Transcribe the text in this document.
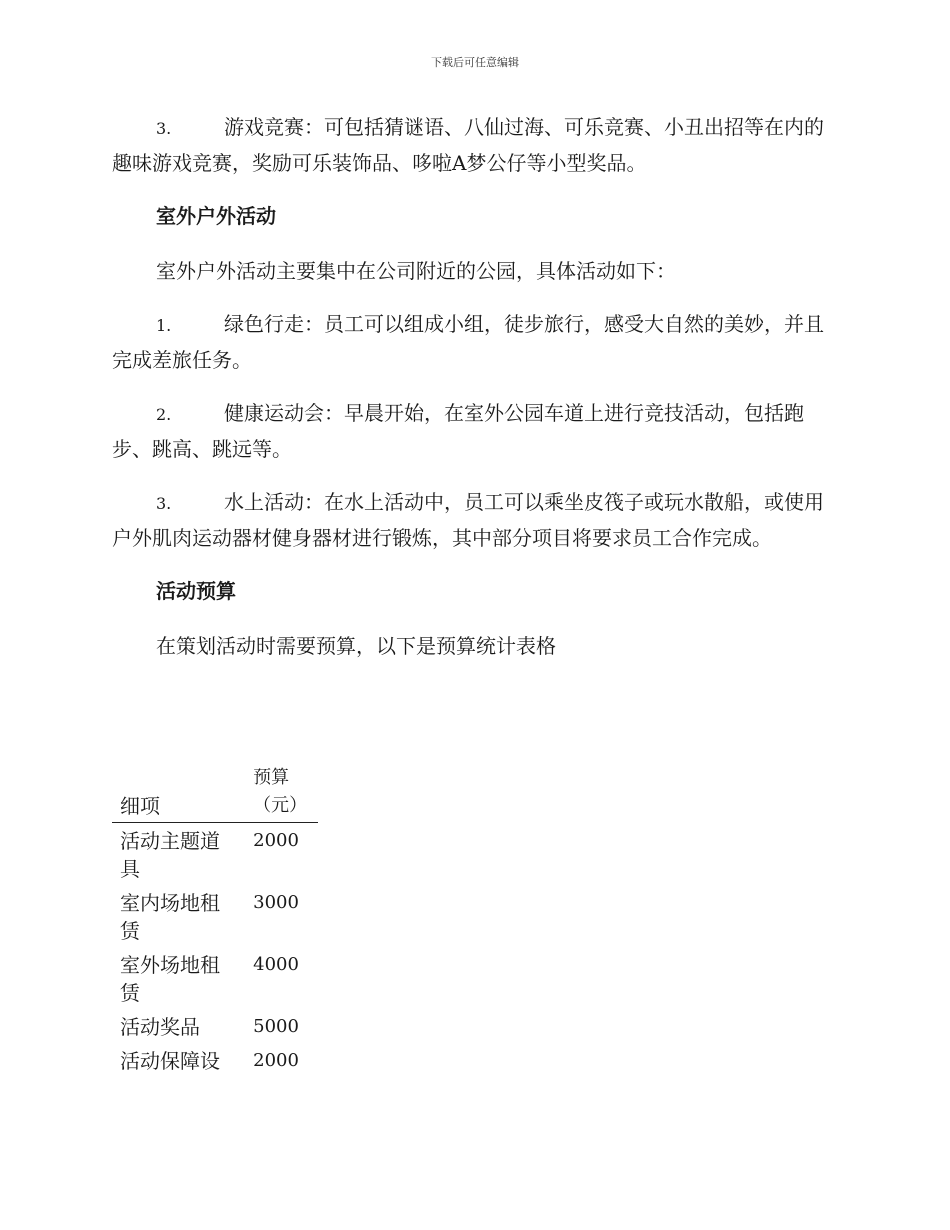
下载后可任意编辑

3.	游戏竞赛：可包括猜谜语、八仙过海、可乐竞赛、小丑出招等在内的趣味游戏竞赛，奖励可乐装饰品、哆啦A梦公仔等小型奖品。

室外户外活动

室外户外活动主要集中在公司附近的公园，具体活动如下：

1.	绿色行走：员工可以组成小组，徒步旅行，感受大自然的美妙，并且完成差旅任务。

2.	健康运动会：早晨开始，在室外公园车道上进行竞技活动，包括跑步、跳高、跳远等。

3.	水上活动：在水上活动中，员工可以乘坐皮筏子或玩水散船，或使用户外肌肉运动器材健身器材进行锻炼，其中部分项目将要求员工合作完成。

活动预算

在策划活动时需要预算，以下是预算统计表格

细项	预算（元）
活动主题道具	2000
室内场地租赁	3000
室外场地租赁	4000
活动奖品	5000
活动保障设	2000
